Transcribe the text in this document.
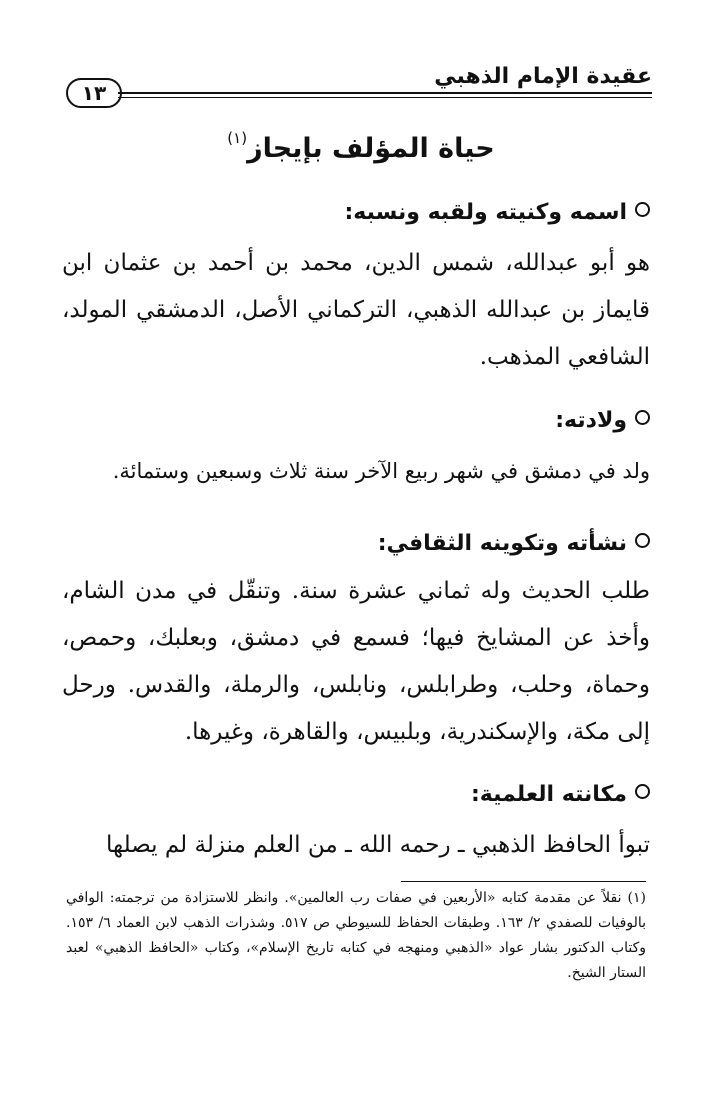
عقيدة الإمام الذهبي
١٣
حياة المؤلف بإيجاز$^{(١)}$
اسمه وكنيته ولقبه ونسبه:

هو أبو عبدالله، شمس الدين، محمد بن أحمد بن عثمان ابن قايماز بن عبدالله الذهبي، التركماني الأصل، الدمشقي المولد، الشافعي المذهب.

ولادته:

ولد في دمشق في شهر ربيع الآخر سنة ثلاث وسبعين وستمائة.

نشأته وتكوينه الثقافي:

طلب الحديث وله ثماني عشرة سنة. وتنقّل في مدن الشام، وأخذ عن المشايخ فيها؛ فسمع في دمشق، وبعلبك، وحمص، وحماة، وحلب، وطرابلس، ونابلس، والرملة، والقدس. ورحل إلى مكة، والإسكندرية، وبلبيس، والقاهرة، وغيرها.

مكانته العلمية:

تبوأ الحافظ الذهبي ـ رحمه الله ـ من العلم منزلة لم يصلها

(١) نقلاً عن مقدمة كتابه «الأربعين في صفات رب العالمين». وانظر للاستزادة من ترجمته: الوافي بالوفيات للصفدي ٢/ ١٦٣. وطبقات الحفاظ للسيوطي ص ٥١٧. وشذرات الذهب لابن العماد ٦/ ١٥٣. وكتاب الدكتور بشار عواد «الذهبي ومنهجه في كتابه تاريخ الإسلام»، وكتاب «الحافظ الذهبي» لعبد الستار الشيخ.
